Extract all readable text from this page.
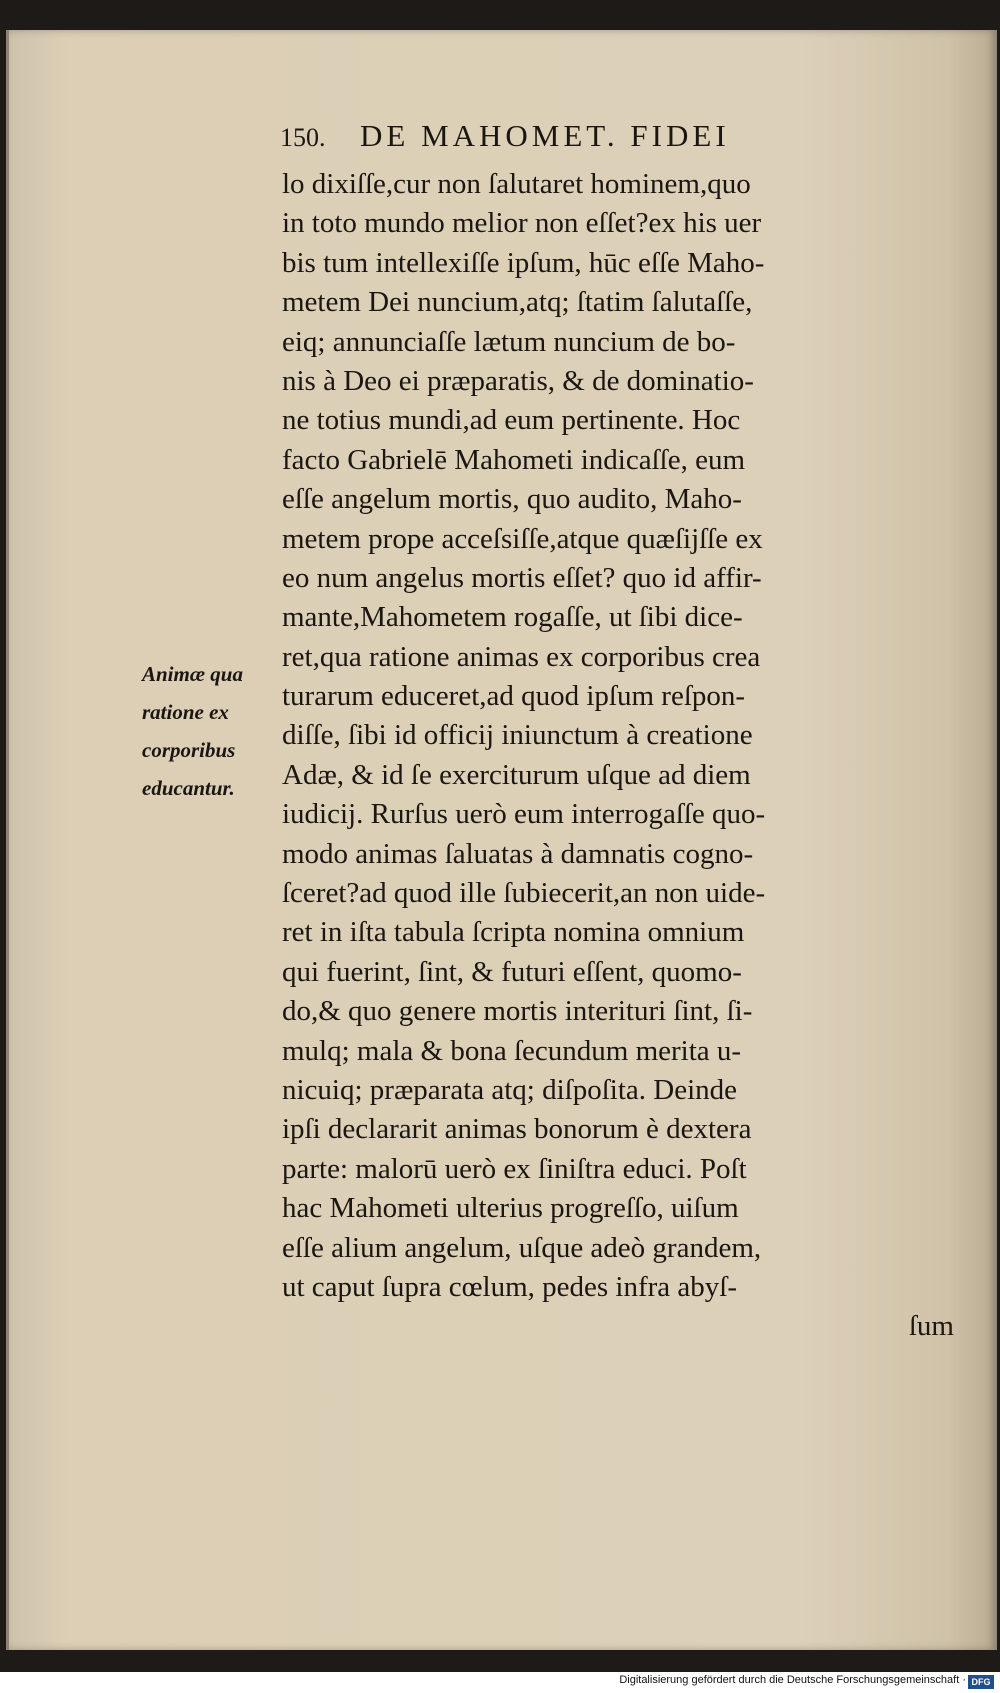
150. DE MAHOMET. FIDEI
Animæ qua
ratione ex
corporibus
educantur.
lo dixiſſe,cur non ſalutaret hominem,quo
in toto mundo melior non eſſet?ex his uer
bis tum intellexiſſe ipſum, hūc eſſe Maho-
metem Dei nuncium,atq; ſtatim ſalutaſſe,
eiq; annunciaſſe lætum nuncium de bo-
nis à Deo ei præparatis, & de dominatio-
ne totius mundi,ad eum pertinente. Hoc
facto Gabrielē Mahometi indicaſſe, eum
eſſe angelum mortis, quo audito, Maho-
metem prope acceſsiſſe,atque quæſijſſe ex
eo num angelus mortis eſſet? quo id affir-
mante,Mahometem rogaſſe, ut ſibi dice-
ret,qua ratione animas ex corporibus crea
turarum educeret,ad quod ipſum reſpon-
diſſe, ſibi id officij iniunctum à creatione
Adæ, & id ſe exerciturum uſque ad diem
iudicij. Rurſus uerò eum interrogaſſe quo-
modo animas ſaluatas à damnatis cogno-
ſceret?ad quod ille ſubiecerit,an non uide-
ret in iſta tabula ſcripta nomina omnium
qui fuerint, ſint, & futuri eſſent, quomo-
do,& quo genere mortis interituri ſint, ſi-
mulq; mala & bona ſecundum merita u-
nicuiq; præparata atq; diſpoſita. Deinde
ipſi declararit animas bonorum è dextera
parte: malorū uerò ex ſiniſtra educi. Poſt
hac Mahometi ulterius progreſſo, uiſum
eſſe alium angelum, uſque adeò grandem,
ut caput ſupra cœlum, pedes infra abyſ-
ſum
Digitalisierung gefördert durch die Deutsche Forschungsgemeinschaft · DFG
